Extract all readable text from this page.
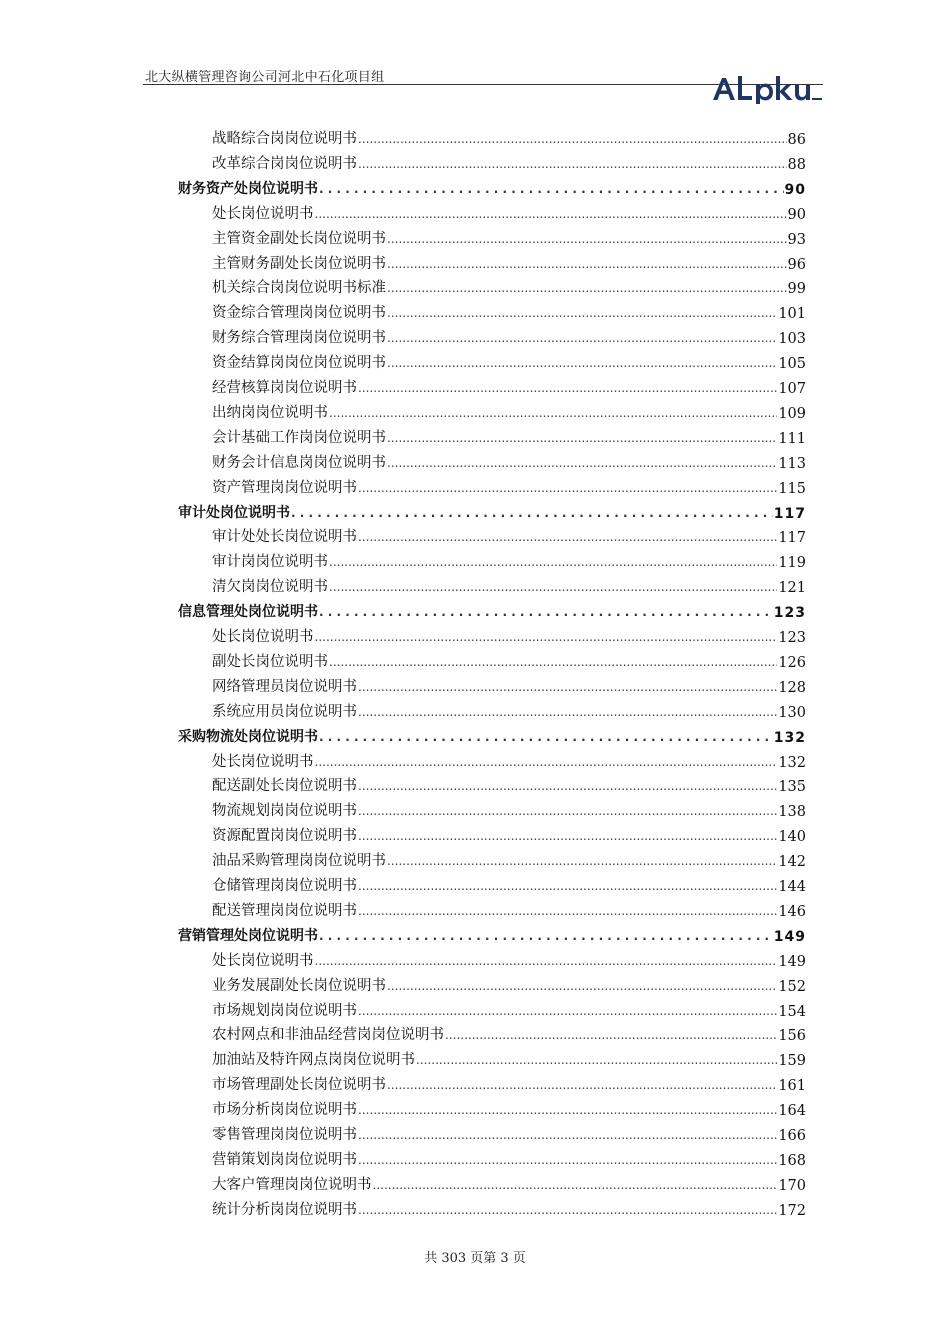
北大纵横管理咨询公司河北中石化项目组
战略综合岗岗位说明书 .....	86
改革综合岗岗位说明书 .....	88
财务资产处岗位说明书 . . .	90
处长岗位说明书 .....	90
主管资金副处长岗位说明书 .....	93
主管财务副处长岗位说明书 .....	96
机关综合岗岗位说明书标准 .....	99
资金综合管理岗岗位说明书 .....	101
财务综合管理岗岗位说明书 .....	103
资金结算岗岗位岗位说明书 .....	105
经营核算岗岗位说明书 .....	107
出纳岗岗位说明书 .....	109
会计基础工作岗岗位说明书 .....	111
财务会计信息岗岗位说明书 .....	113
资产管理岗岗位说明书 .....	115
审计处岗位说明书 . . .	117
审计处处长岗位说明书 .....	117
审计岗岗位说明书 .....	119
清欠岗岗位说明书 .....	121
信息管理处岗位说明书 . . .	123
处长岗位说明书 .....	123
副处长岗位说明书 .....	126
网络管理员岗位说明书 .....	128
系统应用员岗位说明书 .....	130
采购物流处岗位说明书 . . .	132
处长岗位说明书 .....	132
配送副处长岗位说明书 .....	135
物流规划岗岗位说明书 .....	138
资源配置岗岗位说明书 .....	140
油品采购管理岗岗位说明书 .....	142
仓储管理岗岗位说明书 .....	144
配送管理岗岗位说明书 .....	146
营销管理处岗位说明书 . . .	149
处长岗位说明书 .....	149
业务发展副处长岗位说明书 .....	152
市场规划岗岗位说明书 .....	154
农村网点和非油品经营岗岗位说明书 .....	156
加油站及特许网点岗岗位说明书 .....	159
市场管理副处长岗位说明书 .....	161
市场分析岗岗位说明书 .....	164
零售管理岗岗位说明书 .....	166
营销策划岗岗位说明书 .....	168
大客户管理岗岗位说明书 .....	170
统计分析岗岗位说明书 .....	172
共 303 页第 3 页
